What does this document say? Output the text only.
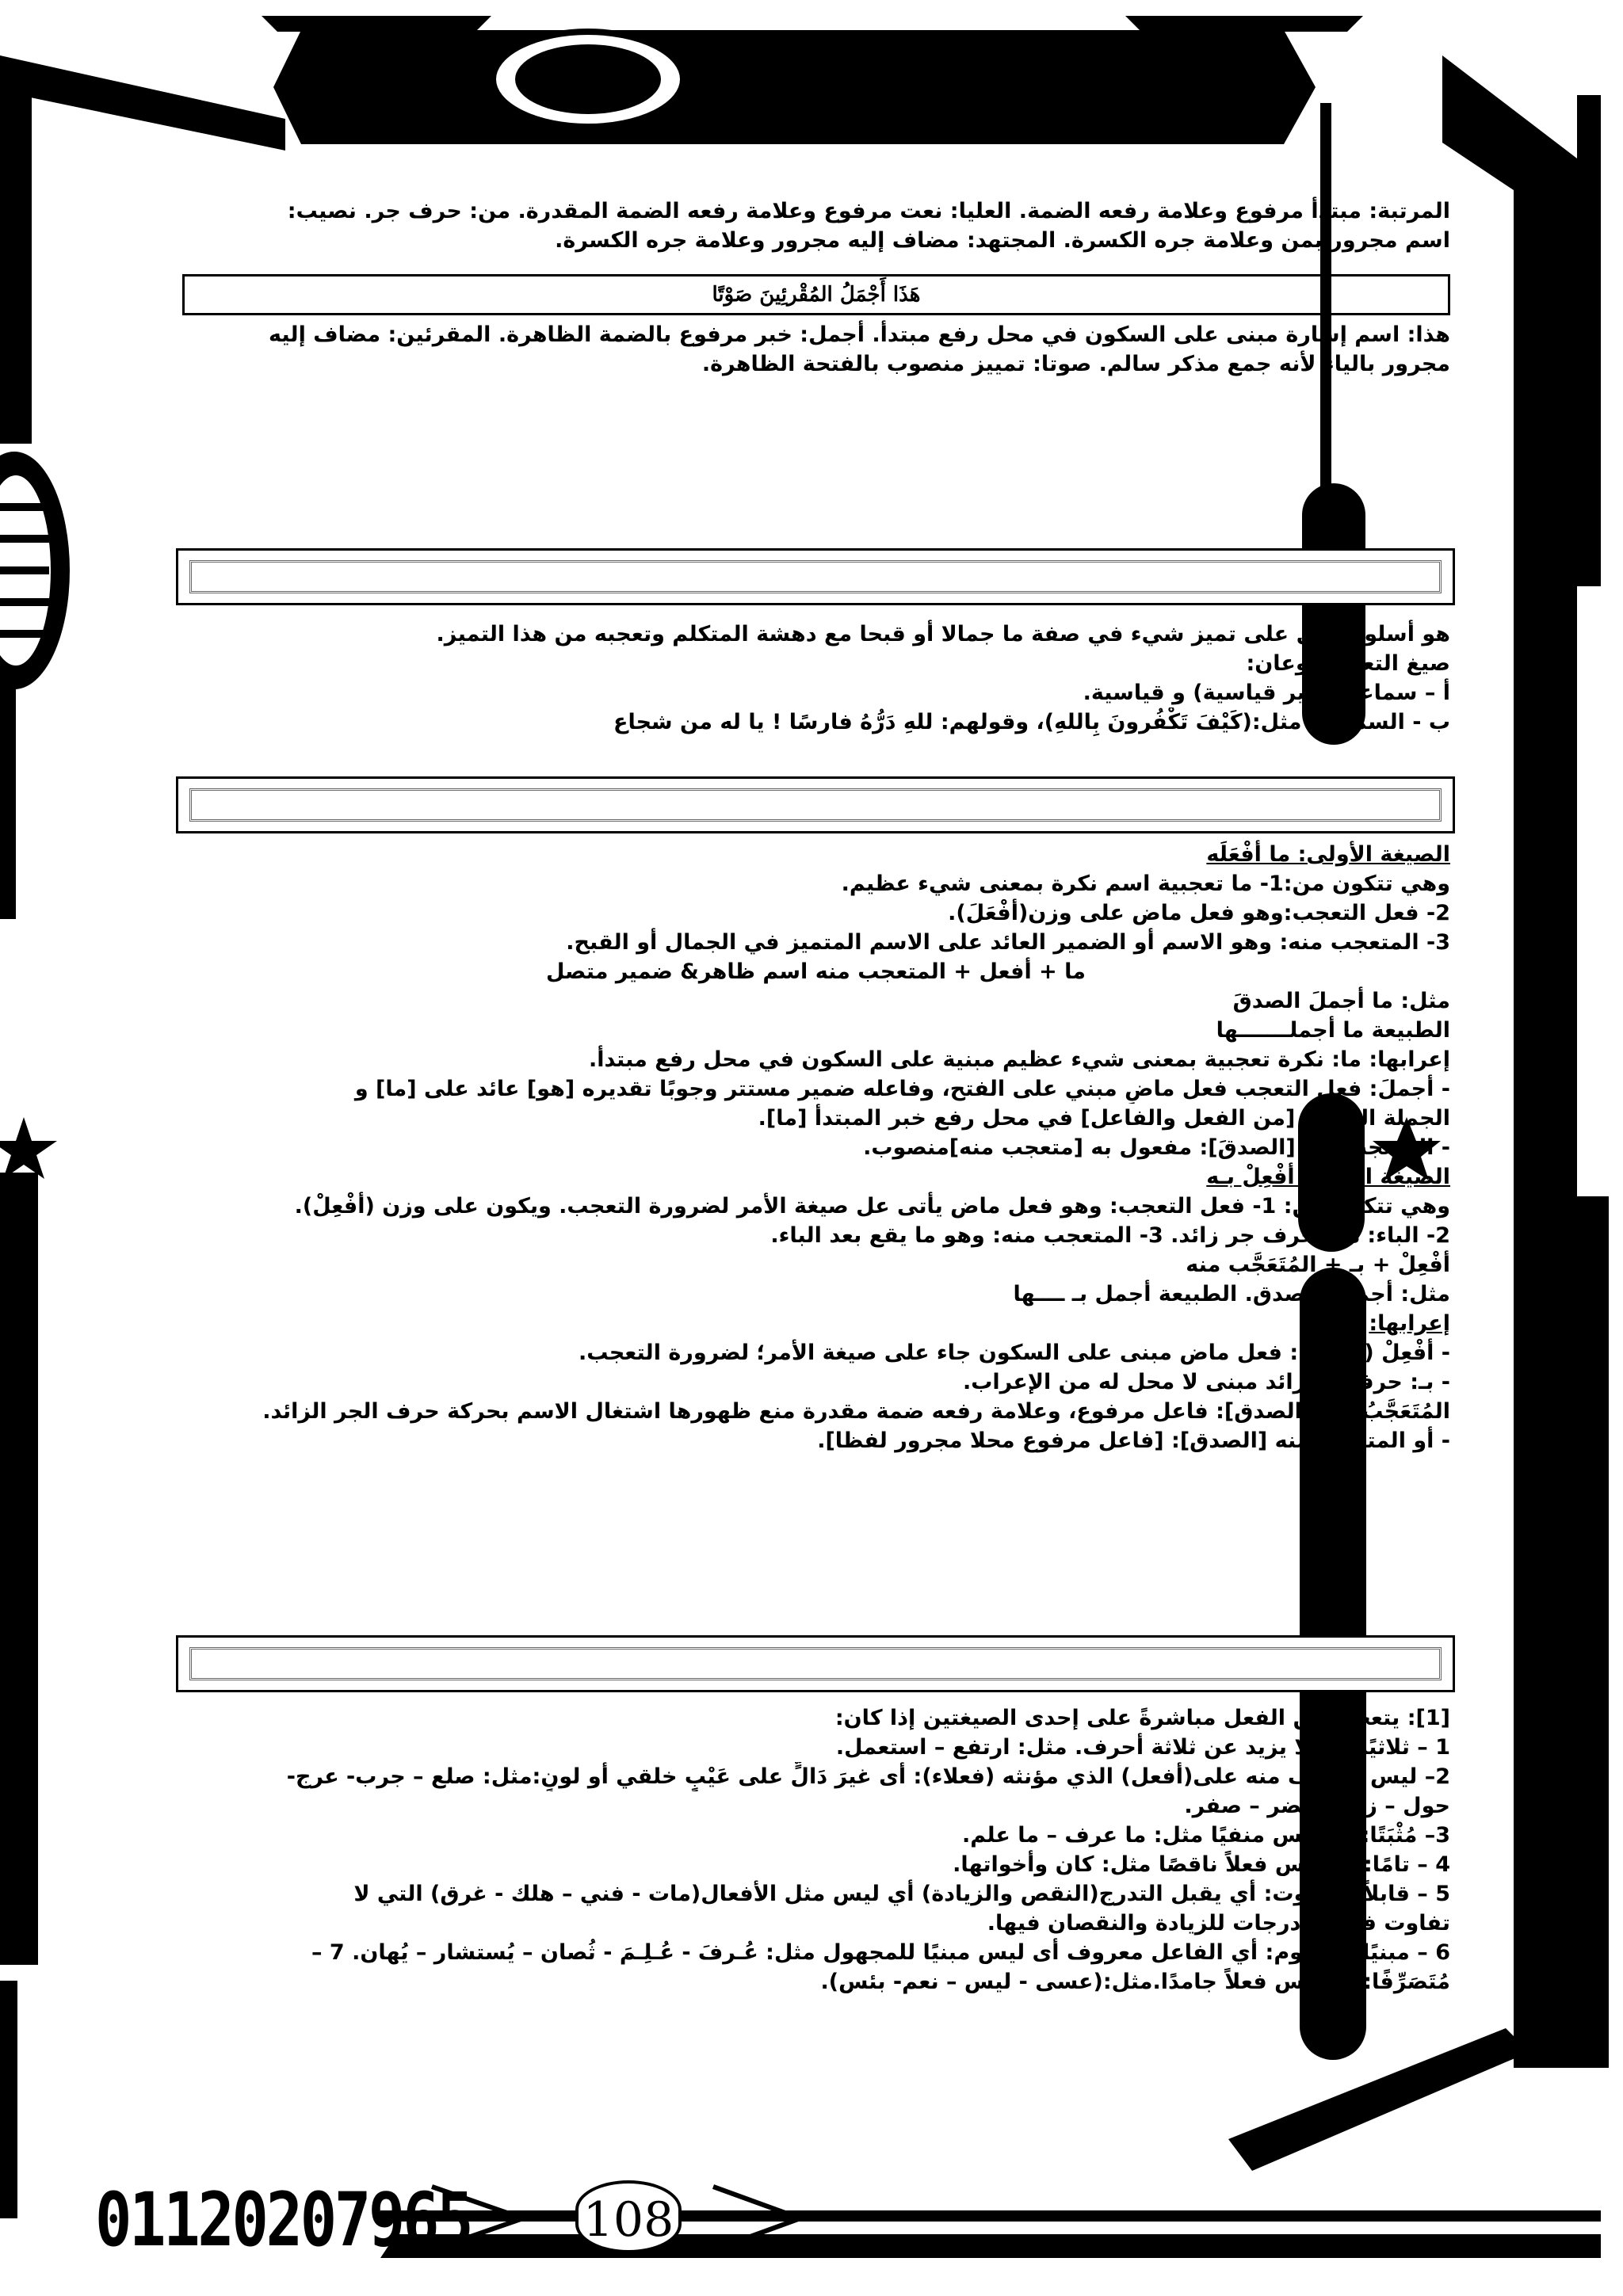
المرتبة: مبتدأ مرفوع وعلامة رفعه الضمة. العليا: نعت مرفوع وعلامة رفعه الضمة المقدرة. من: حرف جر. نصيب:
اسم مجرور بمن وعلامة جره الكسرة. المجتهد: مضاف إليه مجرور وعلامة جره الكسرة.
هَذَا أَجْمَلُ المُقْرئِينَ صَوْتًا
هذا: اسم إشارة مبنى على السكون في محل رفع مبتدأ. أجمل: خبر مرفوع بالضمة الظاهرة. المقرئين: مضاف إليه
مجرور بالياء لأنه جمع مذكر سالم. صوتا: تمييز منصوب بالفتحة الظاهرة.
هو أسلوب يدل على تميز شيء في صفة ما جمالا أو قبحا مع دهشة المتكلم وتعجبه من هذا التميز.
صيغ التعجب نوعان:
أ – سماعية (غير قياسية) و قياسية.
ب - السماعية مثل:(كَيْفَ تَكْفُرونَ بِاللهِ)، وقولهم: للهِ دَرُّهُ فارسًا ! يا له من شجاع
الصيغة الأولى: ما أَفْعَلَه
وهي تتكون من:1- ما تعجبية اسم نكرة بمعنى شيء عظيم.
2- فعل التعجب:وهو فعل ماض على وزن(أَفْعَلَ).
3- المتعجب منه: وهو الاسم أو الضمير العائد على الاسم المتميز في الجمال أو القبح.
ما + أفعل + المتعجب منه اسم ظاهر& ضمير متصل
مثل: ما أجملَ الصدقَ
الطبيعة ما أجملـــــــها
إعرابها: ما: نكرة تعجبية بمعنى شيء عظيم مبنية على السكون في محل رفع مبتدأ.
- أجملَ: فعل التعجب فعل ماضٍ مبني على الفتح، وفاعله ضمير مستتر وجوبًا تقديره [هو] عائد على [ما] و
الجملة الفعلية [من الفعل والفاعل] في محل رفع خبر المبتدأ [ما].
- المتعجب منه [الصدقَ]: مفعول به [متعجب منه]منصوب.
الصيغة الثانية: أَفْعِلْ بـه
وهي تتكون من: 1- فعل التعجب: وهو فعل ماض يأتى عل صيغة الأمر لضرورة التعجب. ويكون على وزن (أَفْعِلْ).
2- الباء: هي حرف جر زائد. 3- المتعجب منه: وهو ما يقع بعد الباء.
أَفْعِلْ + بـ + المُتَعَجَّب منه
مثل: أجمل بالصدق. الطبيعة أجمل بـ ــــها
إعرابها:
- أَفْعِلْ (أجمل): فعل ماض مبنى على السكون جاء على صيغة الأمر؛ لضرورة التعجب.
- بـ: حرف جر زائد مبنى لا محل له من الإعراب.
المُتَعَجَّبُ منه [الصدق]: فاعل مرفوع، وعلامة رفعه ضمة مقدرة منع ظهورها اشتغال الاسم بحركة حرف الجر الزائد.
- أو المتعجب منه [الصدق]: [فاعل مرفوع محلا مجرور لفظا].
[1]: يتعجب من الفعل مباشرةً على إحدى الصيغتين إذا كان:
1 – ثلاثيًا: أي لا يزيد عن ثلاثة أحرف. مثل: ارتفع – استعمل.
2– ليس الوصف منه على(أفعل) الذي مؤنثه (فعلاء): أى غيرَ دَالٍّ على عَيْبٍ خلقي أو لونٍ:مثل: صلع – جرب- عرج-
حول – زرق- خضر – صفر.
3– مُثْبَتًا: أي ليس منفيًا مثل: ما عرف – ما علم.
4 – تامًا: أي ليس فعلاً ناقصًا مثل: كان وأخواتها.
5 – قابلاً للتفاوت: أي يقبل التدرج(النقص والزيادة) أي ليس مثل الأفعال(مات - فني – هلك - غرق) التي لا
تفاوت فيها لا درجات للزيادة والنقصان فيها.
6 – مبنيًا للمعلوم: أي الفاعل معروف أى ليس مبنيًا للمجهول مثل: عُـرفَ - عُـلِـمَ - ثُصان – يُستشار – يُهان. 7 –
مُتَصَرِّفًا: أي ليس فعلاً جامدًا.مثل:(عسى - ليس – نعم- بئس).
01120207965 108
